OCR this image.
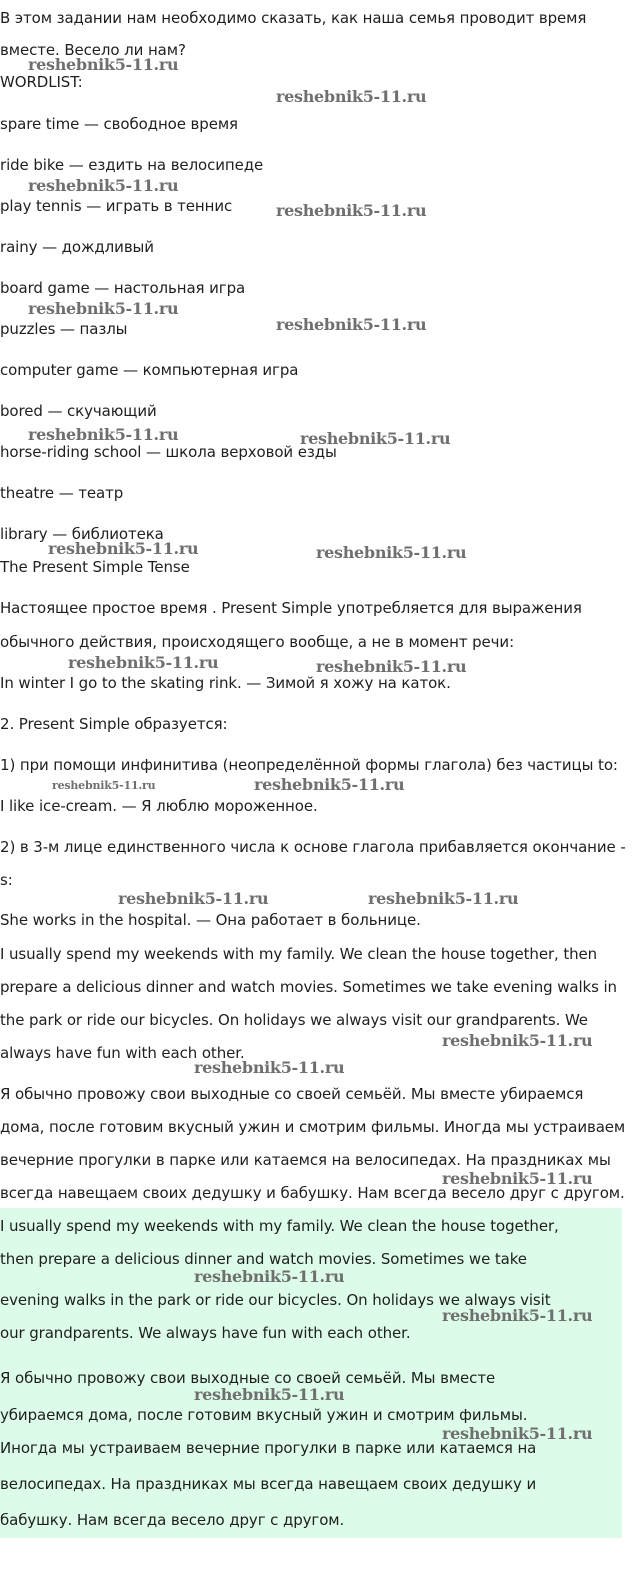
В этом задании нам необходимо сказать, как наша семья проводит время
вместе. Весело ли нам?
WORDLIST:
spare time — свободное время
ride bike — ездить на велосипеде
play tennis — играть в теннис
rainy — дождливый
board game — настольная игра
puzzles — пазлы
computer game — компьютерная игра
bored — скучающий
horse-riding school — школа верховой езды
theatre — театр
library — библиотека
The Present Simple Tense
Настоящее простое время . Present Simple употребляется для выражения
обычного действия, происходящего вообще, а не в момент речи:
In winter I go to the skating rink. — Зимой я хожу на каток.
2. Present Simple образуется:
1) при помощи инфинитива (неопределённой формы глагола) без частицы to:
I like ice-cream. — Я люблю мороженное.
2) в 3-м лице единственного числа к основе глагола прибавляется окончание -
s:
She works in the hospital. — Она работает в больнице.
I usually spend my weekends with my family. We clean the house together, then
prepare a delicious dinner and watch movies. Sometimes we take evening walks in
the park or ride our bicycles. On holidays we always visit our grandparents. We
always have fun with each other.
Я обычно провожу свои выходные со своей семьёй. Мы вместе убираемся
дома, после готовим вкусный ужин и смотрим фильмы. Иногда мы устраиваем
вечерние прогулки в парке или катаемся на велосипедах. На праздниках мы
всегда навещаем своих дедушку и бабушку. Нам всегда весело друг с другом.
I usually spend my weekends with my family. We clean the house together,
then prepare a delicious dinner and watch movies. Sometimes we take
evening walks in the park or ride our bicycles. On holidays we always visit
our grandparents. We always have fun with each other.
Я обычно провожу свои выходные со своей семьёй. Мы вместе
убираемся дома, после готовим вкусный ужин и смотрим фильмы.
Иногда мы устраиваем вечерние прогулки в парке или катаемся на
велосипедах. На праздниках мы всегда навещаем своих дедушку и
бабушку. Нам всегда весело друг с другом.
reshebnik5-11.ru
reshebnik5-11.ru
reshebnik5-11.ru
reshebnik5-11.ru
reshebnik5-11.ru
reshebnik5-11.ru
reshebnik5-11.ru	reshebnik5-11.ru
reshebnik5-11.ru	reshebnik5-11.ru
reshebnik5-11.ru	reshebnik5-11.ru
reshebnik5-11.ru	reshebnik5-11.ru
reshebnik5-11.ru	reshebnik5-11.ru
reshebnik5-11.ru
reshebnik5-11.ru
reshebnik5-11.ru
reshebnik5-11.ru
reshebnik5-11.ru
reshebnik5-11.ru
reshebnik5-11.ru
